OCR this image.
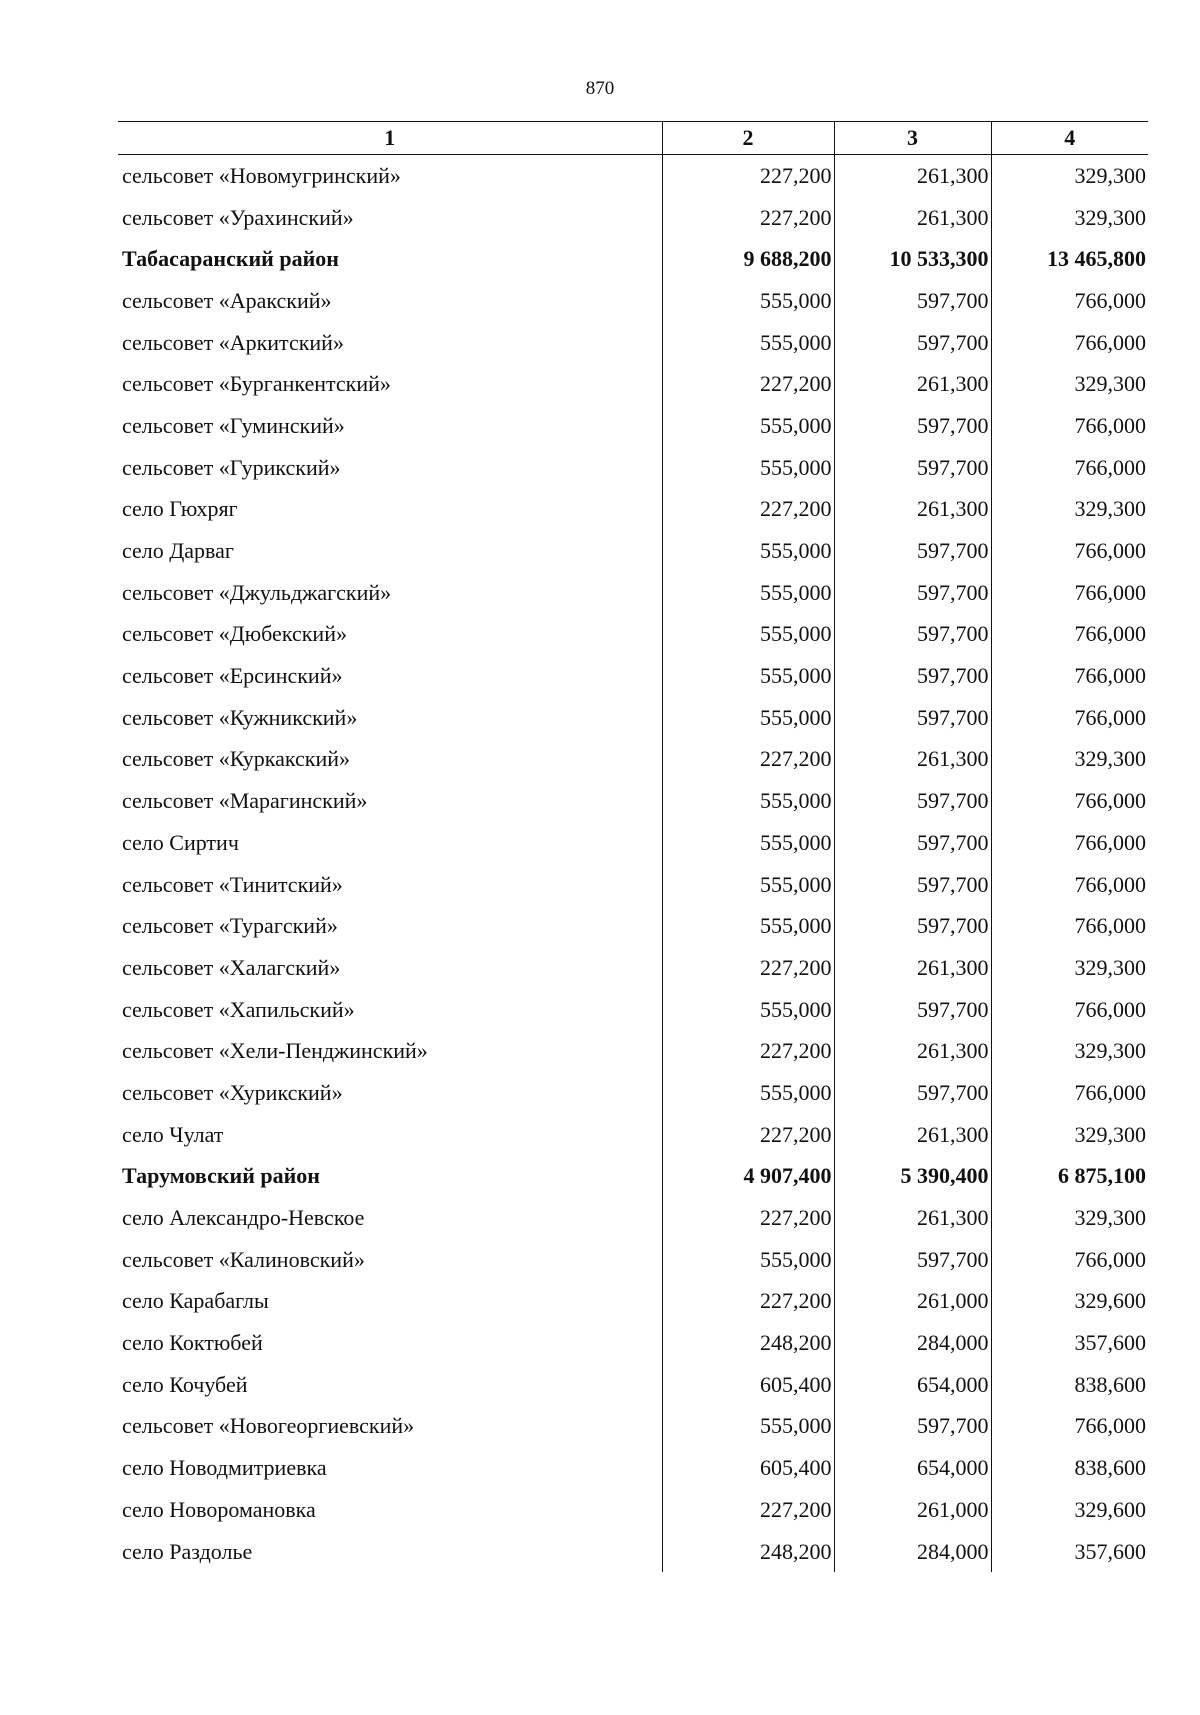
870
1	2	3	4
сельсовет «Новомугринский»	227,200	261,300	329,300
сельсовет «Урахинский»	227,200	261,300	329,300
Табасаранский район	9 688,200	10 533,300	13 465,800
сельсовет «Аракский»	555,000	597,700	766,000
сельсовет «Аркитский»	555,000	597,700	766,000
сельсовет «Бурганкентский»	227,200	261,300	329,300
сельсовет «Гуминский»	555,000	597,700	766,000
сельсовет «Гурикский»	555,000	597,700	766,000
село Гюхряг	227,200	261,300	329,300
село Дарваг	555,000	597,700	766,000
сельсовет «Джульджагский»	555,000	597,700	766,000
сельсовет «Дюбекский»	555,000	597,700	766,000
сельсовет «Ерсинский»	555,000	597,700	766,000
сельсовет «Кужникский»	555,000	597,700	766,000
сельсовет «Куркакский»	227,200	261,300	329,300
сельсовет «Марагинский»	555,000	597,700	766,000
село Сиртич	555,000	597,700	766,000
сельсовет «Тинитский»	555,000	597,700	766,000
сельсовет «Турагский»	555,000	597,700	766,000
сельсовет «Халагский»	227,200	261,300	329,300
сельсовет «Хапильский»	555,000	597,700	766,000
сельсовет «Хели-Пенджинский»	227,200	261,300	329,300
сельсовет «Хурикский»	555,000	597,700	766,000
село Чулат	227,200	261,300	329,300
Тарумовский район	4 907,400	5 390,400	6 875,100
село Александро-Невское	227,200	261,300	329,300
сельсовет «Калиновский»	555,000	597,700	766,000
село Карабаглы	227,200	261,000	329,600
село Коктюбей	248,200	284,000	357,600
село Кочубей	605,400	654,000	838,600
сельсовет «Новогеоргиевский»	555,000	597,700	766,000
село Новодмитриевка	605,400	654,000	838,600
село Новоромановка	227,200	261,000	329,600
село Раздолье	248,200	284,000	357,600
